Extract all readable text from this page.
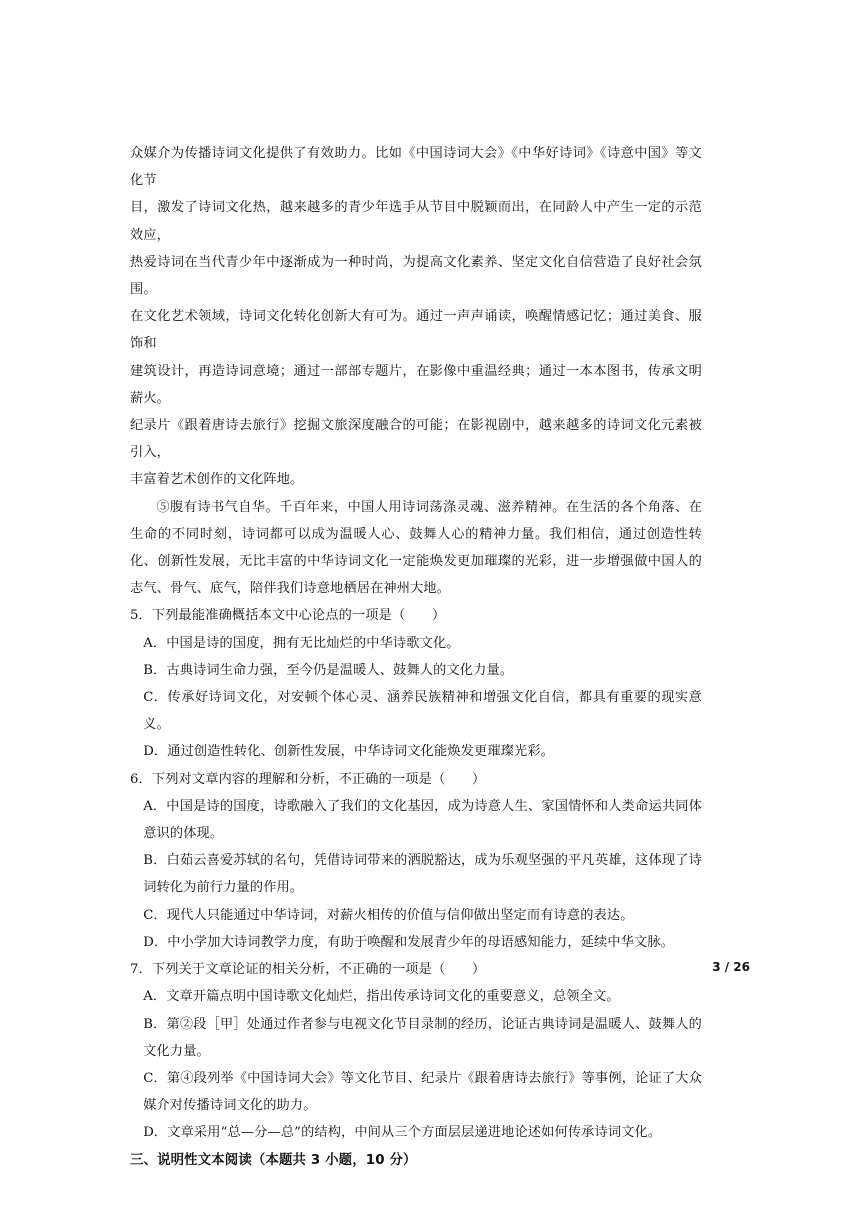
众媒介为传播诗词文化提供了有效助力。比如《中国诗词大会》《中华好诗词》《诗意中国》等文化节

目，激发了诗词文化热，越来越多的青少年选手从节目中脱颖而出，在同龄人中产生一定的示范效应，

热爱诗词在当代青少年中逐渐成为一种时尚，为提高文化素养、坚定文化自信营造了良好社会氛围。

在文化艺术领域，诗词文化转化创新大有可为。通过一声声诵读，唤醒情感记忆；通过美食、服饰和

建筑设计，再造诗词意境；通过一部部专题片，在影像中重温经典；通过一本本图书，传承文明薪火。

纪录片《跟着唐诗去旅行》挖掘文旅深度融合的可能；在影视剧中，越来越多的诗词文化元素被引入，

丰富着艺术创作的文化阵地。

⑤腹有诗书气自华。千百年来，中国人用诗词荡涤灵魂、滋养精神。在生活的各个角落、在生命的不同时刻，诗词都可以成为温暖人心、鼓舞人心的精神力量。我们相信，通过创造性转化、创新性发展，无比丰富的中华诗词文化一定能焕发更加璀璨的光彩，进一步增强做中国人的志气、骨气、底气，陪伴我们诗意地栖居在神州大地。

5．下列最能准确概括本文中心论点的一项是（　　）

A．中国是诗的国度，拥有无比灿烂的中华诗歌文化。

B．古典诗词生命力强，至今仍是温暖人、鼓舞人的文化力量。

C．传承好诗词文化，对安顿个体心灵、涵养民族精神和增强文化自信，都具有重要的现实意义。

D．通过创造性转化、创新性发展，中华诗词文化能焕发更璀璨光彩。

6．下列对文章内容的理解和分析，不正确的一项是（　　）

A．中国是诗的国度，诗歌融入了我们的文化基因，成为诗意人生、家国情怀和人类命运共同体意识的体现。

B．白茹云喜爱苏轼的名句，凭借诗词带来的洒脱豁达，成为乐观坚强的平凡英雄，这体现了诗词转化为前行力量的作用。

C．现代人只能通过中华诗词，对薪火相传的价值与信仰做出坚定而有诗意的表达。

D．中小学加大诗词教学力度，有助于唤醒和发展青少年的母语感知能力，延续中华文脉。

7．下列关于文章论证的相关分析，不正确的一项是（　　）

A．文章开篇点明中国诗歌文化灿烂，指出传承诗词文化的重要意义，总领全文。

B．第②段［甲］处通过作者参与电视文化节目录制的经历，论证古典诗词是温暖人、鼓舞人的文化力量。

C．第④段列举《中国诗词大会》等文化节目、纪录片《跟着唐诗去旅行》等事例，论证了大众媒介对传播诗词文化的助力。

D．文章采用“总—分—总”的结构，中间从三个方面层层递进地论述如何传承诗词文化。

三、说明性文本阅读（本题共 3 小题，10 分）

3 / 26
